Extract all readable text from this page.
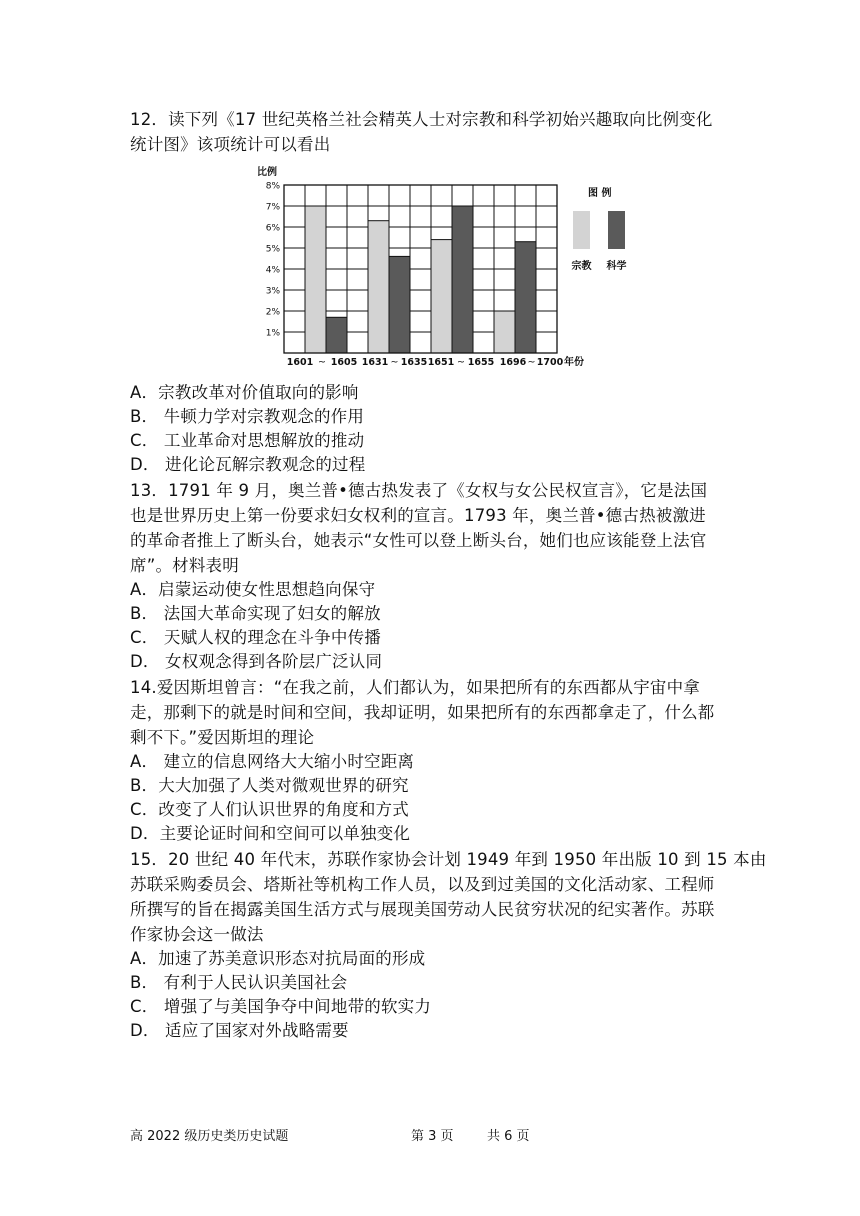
12．读下列《17 世纪英格兰社会精英人士对宗教和科学初始兴趣取向比例变化
统计图》该项统计可以看出
1%
2%
3%
4%
5%
6%
7%
8%
比例
1601 1605 1631 1635 1651 1655 1696 1700
~	~	~	~	年份
图 例
宗教 科学
A．宗教改革对价值取向的影响
B． 牛顿力学对宗教观念的作用
C． 工业革命对思想解放的推动
D． 进化论瓦解宗教观念的过程
13．1791 年 9 月，奥兰普•德古热发表了《女权与女公民权宣言》，它是法国
也是世界历史上第一份要求妇女权利的宣言。1793 年，奥兰普•德古热被激进
的革命者推上了断头台，她表示“女性可以登上断头台，她们也应该能登上法官
席”。材料表明
A．启蒙运动使女性思想趋向保守
B． 法国大革命实现了妇女的解放
C． 天赋人权的理念在斗争中传播
D． 女权观念得到各阶层广泛认同
14.爱因斯坦曾言：“在我之前，人们都认为，如果把所有的东西都从宇宙中拿
走，那剩下的就是时间和空间，我却证明，如果把所有的东西都拿走了，什么都
剩不下。”爱因斯坦的理论
A． 建立的信息网络大大缩小时空距离
B．大大加强了人类对微观世界的研究
C．改变了人们认识世界的角度和方式
D．主要论证时间和空间可以单独变化
15．20 世纪 40 年代末，苏联作家协会计划 1949 年到 1950 年出版 10 到 15 本由
苏联采购委员会、塔斯社等机构工作人员，以及到过美国的文化活动家、工程师
所撰写的旨在揭露美国生活方式与展现美国劳动人民贫穷状况的纪实著作。苏联
作家协会这一做法
A．加速了苏美意识形态对抗局面的形成
B． 有利于人民认识美国社会
C． 增强了与美国争夺中间地带的软实力
D． 适应了国家对外战略需要
高 2022 级历史类历史试题	第 3 页	共 6 页
